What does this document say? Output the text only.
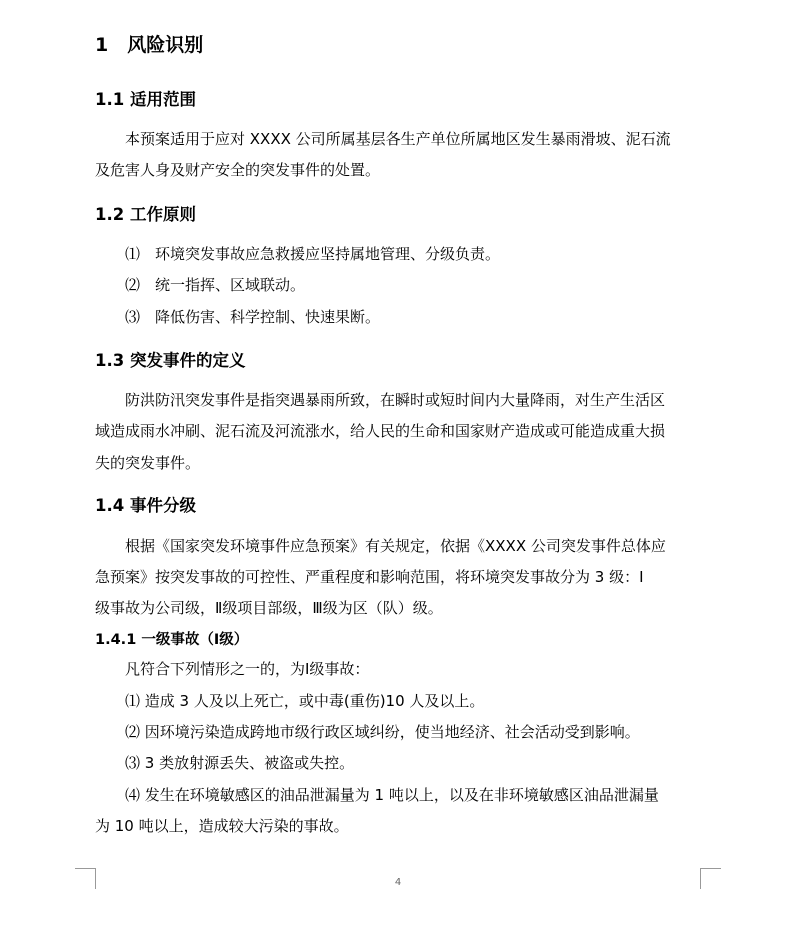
1　风险识别
1.1 适用范围
本预案适用于应对 XXXX 公司所属基层各生产单位所属地区发生暴雨滑坡、泥石流
及危害人身及财产安全的突发事件的处置。
1.2 工作原则
⑴　环境突发事故应急救援应坚持属地管理、分级负责。
⑵　统一指挥、区域联动。
⑶　降低伤害、科学控制、快速果断。
1.3 突发事件的定义
防洪防汛突发事件是指突遇暴雨所致，在瞬时或短时间内大量降雨，对生产生活区
域造成雨水冲刷、泥石流及河流涨水，给人民的生命和国家财产造成或可能造成重大损
失的突发事件。
1.4 事件分级
根据《国家突发环境事件应急预案》有关规定，依据《XXXX 公司突发事件总体应
急预案》按突发事故的可控性、严重程度和影响范围，将环境突发事故分为 3 级：Ⅰ
级事故为公司级，Ⅱ级项目部级，Ⅲ级为区（队）级。
1.4.1 一级事故（Ⅰ级）
凡符合下列情形之一的，为Ⅰ级事故：
⑴ 造成 3 人及以上死亡，或中毒(重伤)10 人及以上。
⑵ 因环境污染造成跨地市级行政区域纠纷，使当地经济、社会活动受到影响。
⑶ 3 类放射源丢失、被盗或失控。
⑷ 发生在环境敏感区的油品泄漏量为 1 吨以上，以及在非环境敏感区油品泄漏量
为 10 吨以上，造成较大污染的事故。
4
